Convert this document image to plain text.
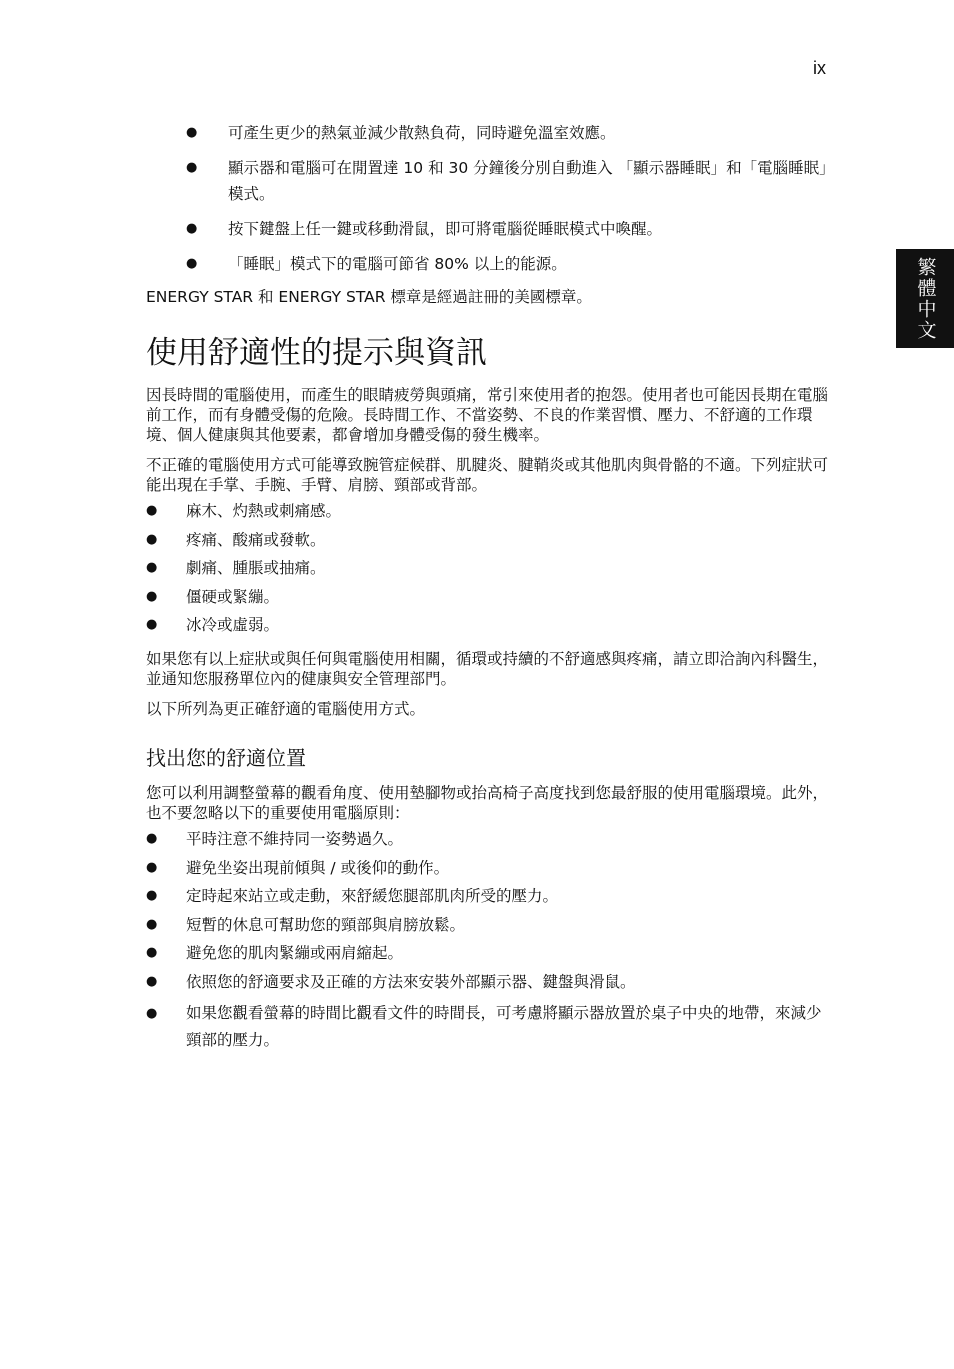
ix
繁體中文
● 可產生更少的熱氣並減少散熱負荷，同時避免溫室效應。
● 顯示器和電腦可在閒置達 10 和 30 分鐘後分別自動進入 「顯示器睡眠」和「電腦睡眠」模式。
● 按下鍵盤上任一鍵或移動滑鼠，即可將電腦從睡眠模式中喚醒。
● 「睡眠」模式下的電腦可節省 80% 以上的能源。

ENERGY STAR 和 ENERGY STAR 標章是經過註冊的美國標章。

使用舒適性的提示與資訊

因長時間的電腦使用，而產生的眼睛疲勞與頭痛，常引來使用者的抱怨。使用者也可能因長期在電腦前工作，而有身體受傷的危險。長時間工作、不當姿勢、不良的作業習慣、壓力、不舒適的工作環境、個人健康與其他要素，都會增加身體受傷的發生機率。

不正確的電腦使用方式可能導致腕管症候群、肌腱炎、腱鞘炎或其他肌肉與骨骼的不適。下列症狀可能出現在手掌、手腕、手臂、肩膀、頸部或背部。

● 麻木、灼熱或刺痛感。
● 疼痛、酸痛或發軟。
● 劇痛、腫脹或抽痛。
● 僵硬或緊繃。
● 冰冷或虛弱。

如果您有以上症狀或與任何與電腦使用相關，循環或持續的不舒適感與疼痛，請立即洽詢內科醫生，並通知您服務單位內的健康與安全管理部門。

以下所列為更正確舒適的電腦使用方式。

找出您的舒適位置

您可以利用調整螢幕的觀看角度、使用墊腳物或抬高椅子高度找到您最舒服的使用電腦環境。此外，也不要忽略以下的重要使用電腦原則：

● 平時注意不維持同一姿勢過久。
● 避免坐姿出現前傾與 / 或後仰的動作。
● 定時起來站立或走動，來舒緩您腿部肌肉所受的壓力。
● 短暫的休息可幫助您的頸部與肩膀放鬆。
● 避免您的肌肉緊繃或兩肩縮起。
● 依照您的舒適要求及正確的方法來安裝外部顯示器、鍵盤與滑鼠。
● 如果您觀看螢幕的時間比觀看文件的時間長，可考慮將顯示器放置於桌子中央的地帶，來減少頸部的壓力。
